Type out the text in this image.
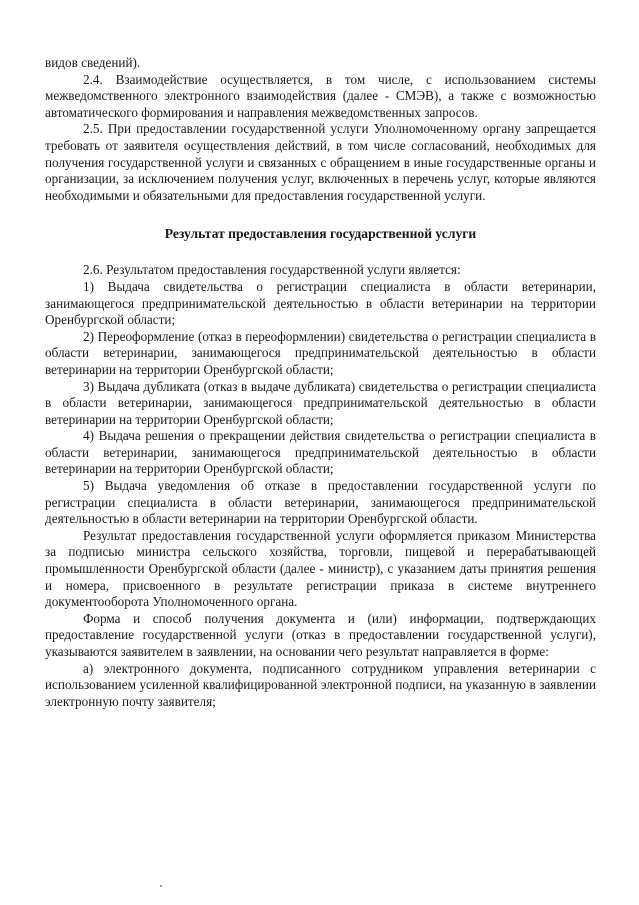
видов сведений).

2.4. Взаимодействие осуществляется, в том числе, с использованием системы межведомственного электронного взаимодействия (далее - СМЭВ), а также с возможностью автоматического формирования и направления межведомственных запросов.

2.5. При предоставлении государственной услуги Уполномоченному органу запрещается требовать от заявителя осуществления действий, в том числе согласований, необходимых для получения государственной услуги и связанных с обращением в иные государственные органы и организации, за исключением получения услуг, включенных в перечень услуг, которые являются необходимыми и обязательными для предоставления государственной услуги.

Результат предоставления государственной услуги

2.6. Результатом предоставления государственной услуги является:

1) Выдача свидетельства о регистрации специалиста в области ветеринарии, занимающегося предпринимательской деятельностью в области ветеринарии на территории Оренбургской области;

2) Переоформление (отказ в переоформлении) свидетельства о регистрации специалиста в области ветеринарии, занимающегося предпринимательской деятельностью в области ветеринарии на территории Оренбургской области;

3) Выдача дубликата (отказ в выдаче дубликата) свидетельства о регистрации специалиста в области ветеринарии, занимающегося предпринимательской деятельностью в области ветеринарии на территории Оренбургской области;

4) Выдача решения о прекращении действия свидетельства о регистрации специалиста в области ветеринарии, занимающегося предпринимательской деятельностью в области ветеринарии на территории Оренбургской области;

5) Выдача уведомления об отказе в предоставлении государственной услуги по регистрации специалиста в области ветеринарии, занимающегося предпринимательской деятельностью в области ветеринарии на территории Оренбургской области.

Результат предоставления государственной услуги оформляется приказом Министерства за подписью министра сельского хозяйства, торговли, пищевой и перерабатывающей промышленности Оренбургской области (далее - министр), с указанием даты принятия решения и номера, присвоенного в результате регистрации приказа в системе внутреннего документооборота Уполномоченного органа.

Форма и способ получения документа и (или) информации, подтверждающих предоставление государственной услуги (отказ в предоставлении государственной услуги), указываются заявителем в заявлении, на основании чего результат направляется в форме:

а) электронного документа, подписанного сотрудником управления ветеринарии с использованием усиленной квалифицированной электронной подписи, на указанную в заявлении электронную почту заявителя;
